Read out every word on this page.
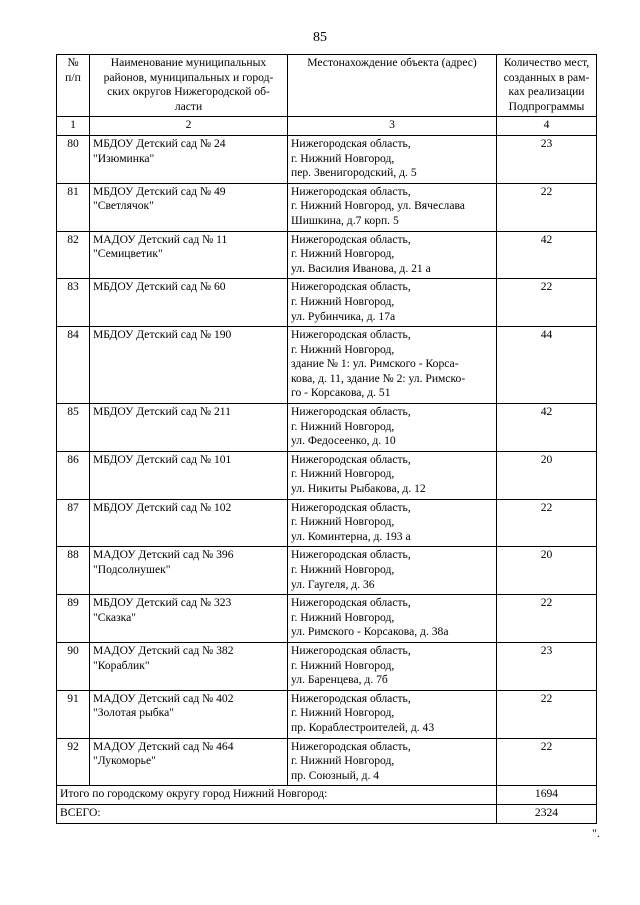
85
№
п/п	Наименование муниципальных
районов, муниципальных и город-
ских округов Нижегородской об-
ласти	Местонахождение объекта (адрес)	Количество мест,
созданных в рам-
ках реализации
Подпрограммы

1	2	3	4
80	МБДОУ Детский сад № 24
"Изюминка"	Нижегородская область,
г. Нижний Новгород,
пер. Звенигородский, д. 5	23
81	МБДОУ Детский сад № 49
"Светлячок"	Нижегородская область,
г. Нижний Новгород, ул. Вячеслава
Шишкина, д.7 корп. 5	22
82	МАДОУ Детский сад № 11
"Семицветик"	Нижегородская область,
г. Нижний Новгород,
ул. Василия Иванова, д. 21 а	42
83	МБДОУ Детский сад № 60	Нижегородская область,
г. Нижний Новгород,
ул. Рубинчика, д. 17а	22
84	МБДОУ Детский сад № 190	Нижегородская область,
г. Нижний Новгород,
здание № 1: ул. Римского - Корса-
кова, д. 11, здание № 2: ул. Римско-
го - Корсакова, д. 51	44
85	МБДОУ Детский сад № 211	Нижегородская область,
г. Нижний Новгород,
ул. Федосеенко, д. 10	42
86	МБДОУ Детский сад № 101	Нижегородская область,
г. Нижний Новгород,
ул. Никиты Рыбакова, д. 12	20
87	МБДОУ Детский сад № 102	Нижегородская область,
г. Нижний Новгород,
ул. Коминтерна, д. 193 а	22
88	МАДОУ Детский сад № 396
"Подсолнушек"	Нижегородская область,
г. Нижний Новгород,
ул. Гаугеля, д. 36	20
89	МБДОУ Детский сад № 323
"Сказка"	Нижегородская область,
г. Нижний Новгород,
ул. Римского - Корсакова, д. 38а	22
90	МАДОУ Детский сад № 382
"Кораблик"	Нижегородская область,
г. Нижний Новгород,
ул. Баренцева, д. 7б	23
91	МАДОУ Детский сад № 402
"Золотая рыбка"	Нижегородская область,
г. Нижний Новгород,
пр. Кораблестроителей, д. 43	22
92	МАДОУ Детский сад № 464
"Лукоморье"	Нижегородская область,
г. Нижний Новгород,
пр. Союзный, д. 4	22
Итого по городскому округу город Нижний Новгород:			1694
ВСЕГО:			2324
".
